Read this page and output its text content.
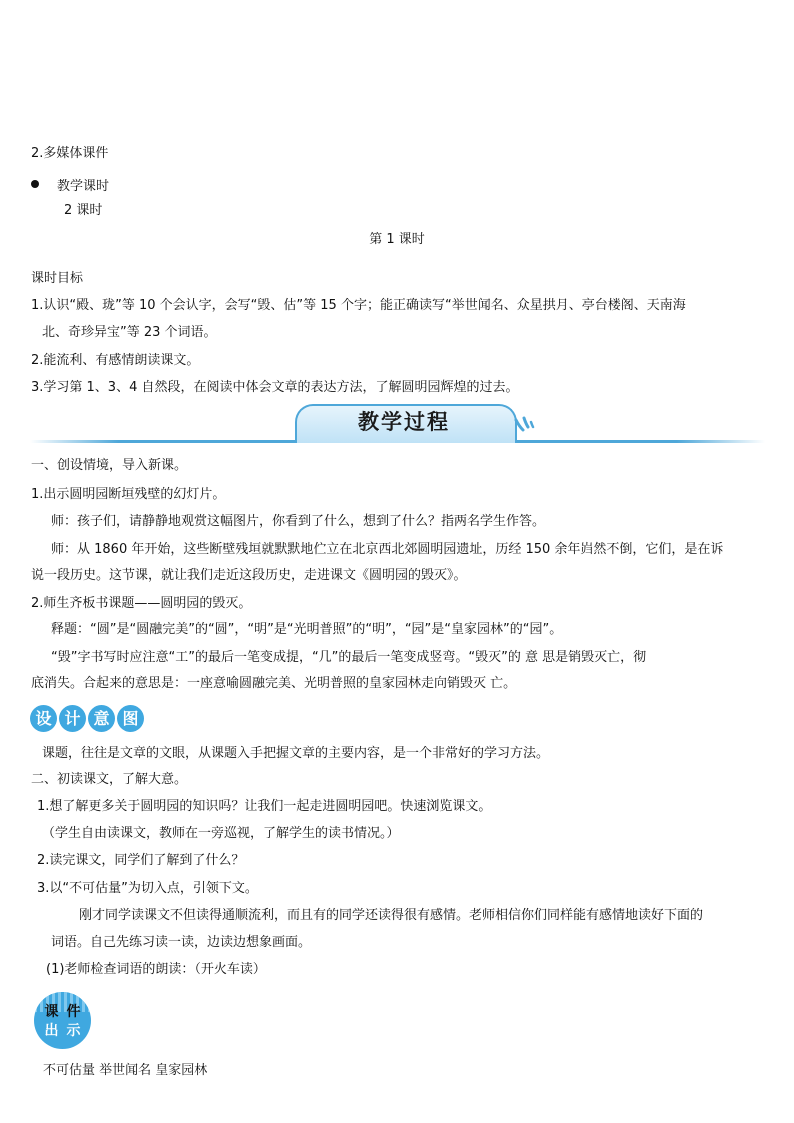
2.多媒体课件
教学课时
2 课时
第 1 课时
课时目标
1.认识“殿、珑”等 10 个会认字，会写“毁、估”等 15 个字；能正确读写“举世闻名、众星拱月、亭台楼阁、天南海
北、奇珍异宝”等 23 个词语。
2.能流利、有感情朗读课文。
3.学习第 1、3、4 自然段，在阅读中体会文章的表达方法，了解圆明园辉煌的过去。
教学过程
一、创设情境，导入新课。
1.出示圆明园断垣残壁的幻灯片。
师：孩子们，请静静地观赏这幅图片，你看到了什么，想到了什么？指两名学生作答。
师：从 1860 年开始，这些断壁残垣就默默地伫立在北京西北郊圆明园遗址，历经 150 余年岿然不倒，它们，是在诉
说一段历史。这节课，就让我们走近这段历史，走进课文《圆明园的毁灭》。
2.师生齐板书课题——圆明园的毁灭。
释题：“圆”是“圆融完美”的“圆”，“明”是“光明普照”的“明”，“园”是“皇家园林”的“园”。
“毁”字书写时应注意“工”的最后一笔变成提，“几”的最后一笔变成竖弯。“毁灭”的 意 思是销毁灭亡，彻
底消失。合起来的意思是：一座意喻圆融完美、光明普照的皇家园林走向销毁灭 亡。
设 计 意 图
课题，往往是文章的文眼，从课题入手把握文章的主要内容，是一个非常好的学习方法。
二、初读课文，了解大意。
1.想了解更多关于圆明园的知识吗？让我们一起走进圆明园吧。快速浏览课文。
（学生自由读课文，教师在一旁巡视，了解学生的读书情况。）
2.读完课文，同学们了解到了什么？
3.以“不可估量”为切入点，引领下文。
刚才同学读课文不但读得通顺流利，而且有的同学还读得很有感情。老师相信你们同样能有感情地读好下面的
词语。自己先练习读一读，边读边想象画面。
(1)老师检查词语的朗读：（开火车读）
课件
出示
不可估量 举世闻名 皇家园林
